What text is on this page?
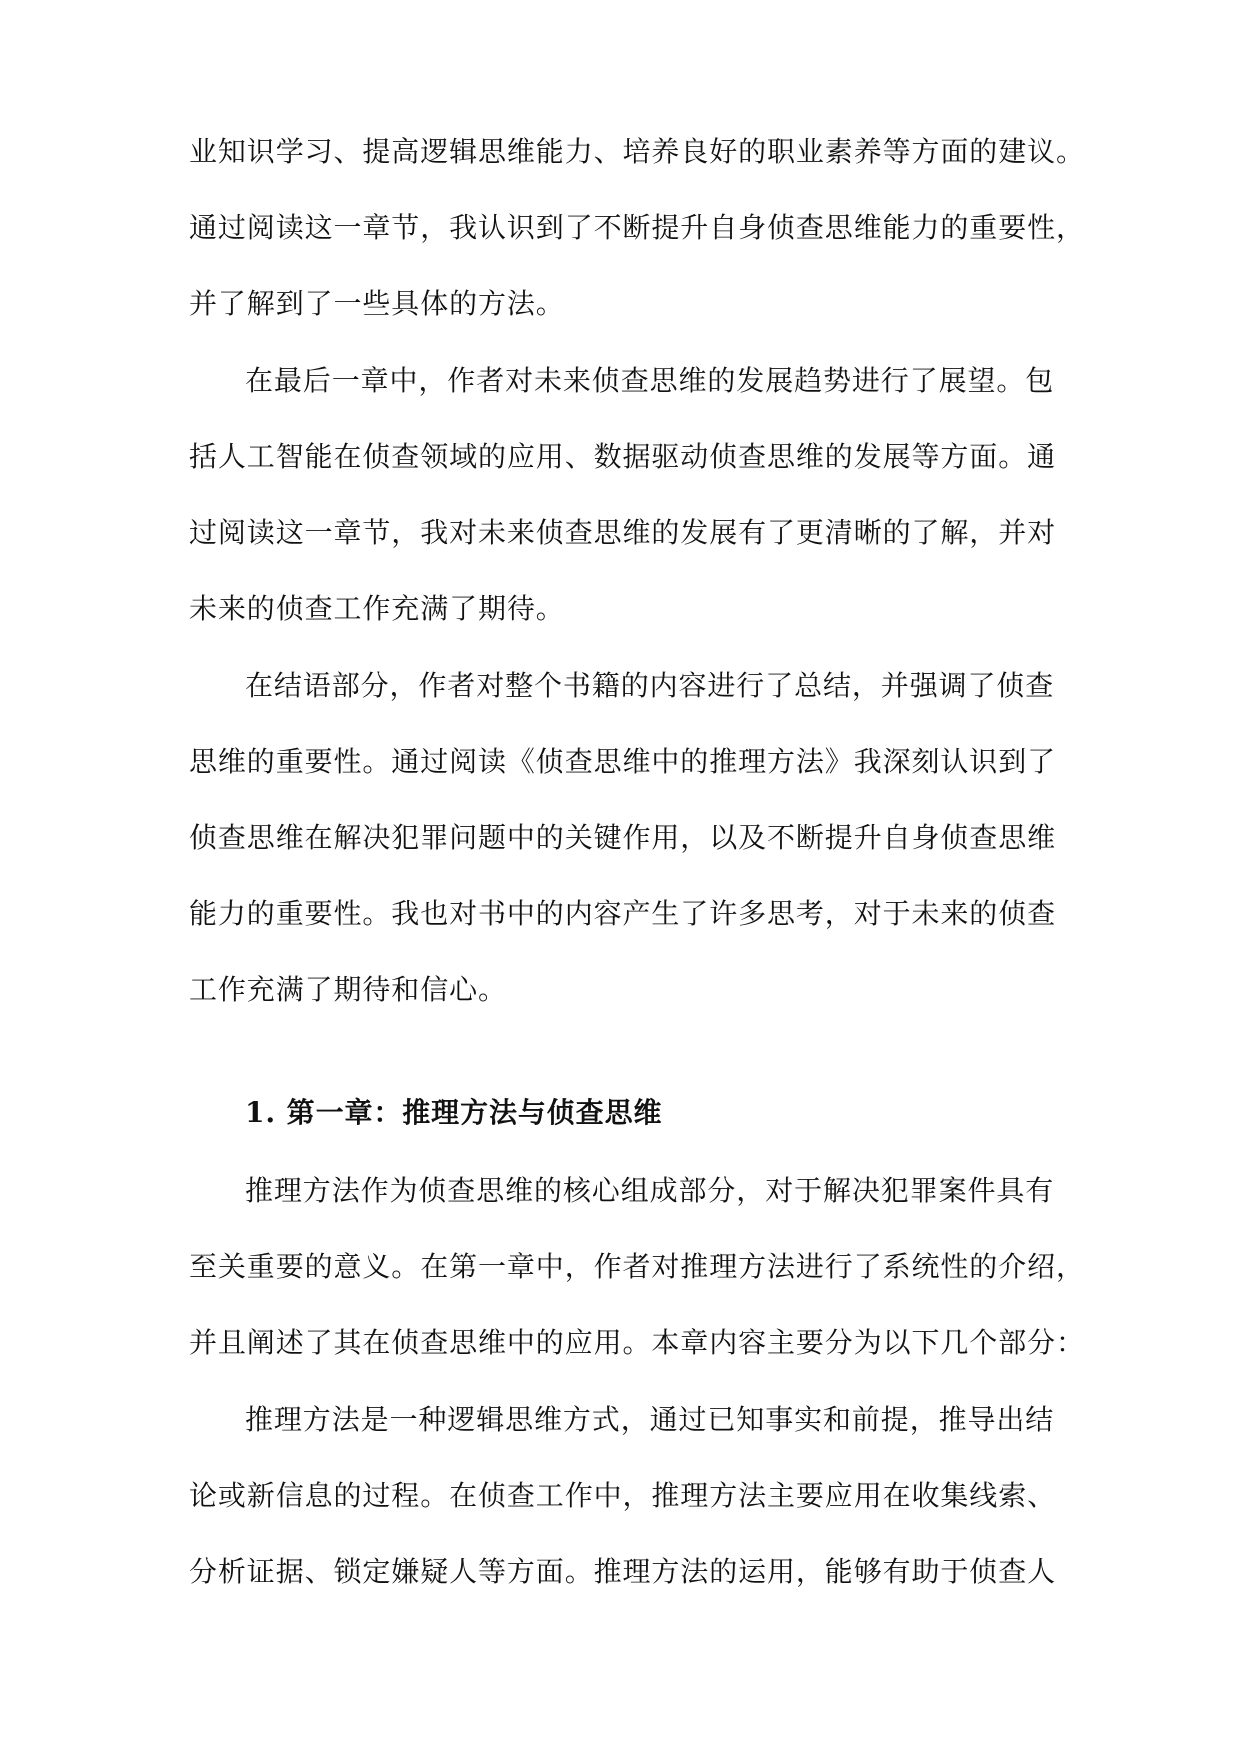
业知识学习、提高逻辑思维能力、培养良好的职业素养等方面的建议。
通过阅读这一章节，我认识到了不断提升自身侦查思维能力的重要性，
并了解到了一些具体的方法。
在最后一章中，作者对未来侦查思维的发展趋势进行了展望。包
括人工智能在侦查领域的应用、数据驱动侦查思维的发展等方面。通
过阅读这一章节，我对未来侦查思维的发展有了更清晰的了解，并对
未来的侦查工作充满了期待。
在结语部分，作者对整个书籍的内容进行了总结，并强调了侦查
思维的重要性。通过阅读《侦查思维中的推理方法》我深刻认识到了
侦查思维在解决犯罪问题中的关键作用，以及不断提升自身侦查思维
能力的重要性。我也对书中的内容产生了许多思考，对于未来的侦查
工作充满了期待和信心。
1. 第一章：推理方法与侦查思维
推理方法作为侦查思维的核心组成部分，对于解决犯罪案件具有
至关重要的意义。在第一章中，作者对推理方法进行了系统性的介绍，
并且阐述了其在侦查思维中的应用。本章内容主要分为以下几个部分：
推理方法是一种逻辑思维方式，通过已知事实和前提，推导出结
论或新信息的过程。在侦查工作中，推理方法主要应用在收集线索、
分析证据、锁定嫌疑人等方面。推理方法的运用，能够有助于侦查人
